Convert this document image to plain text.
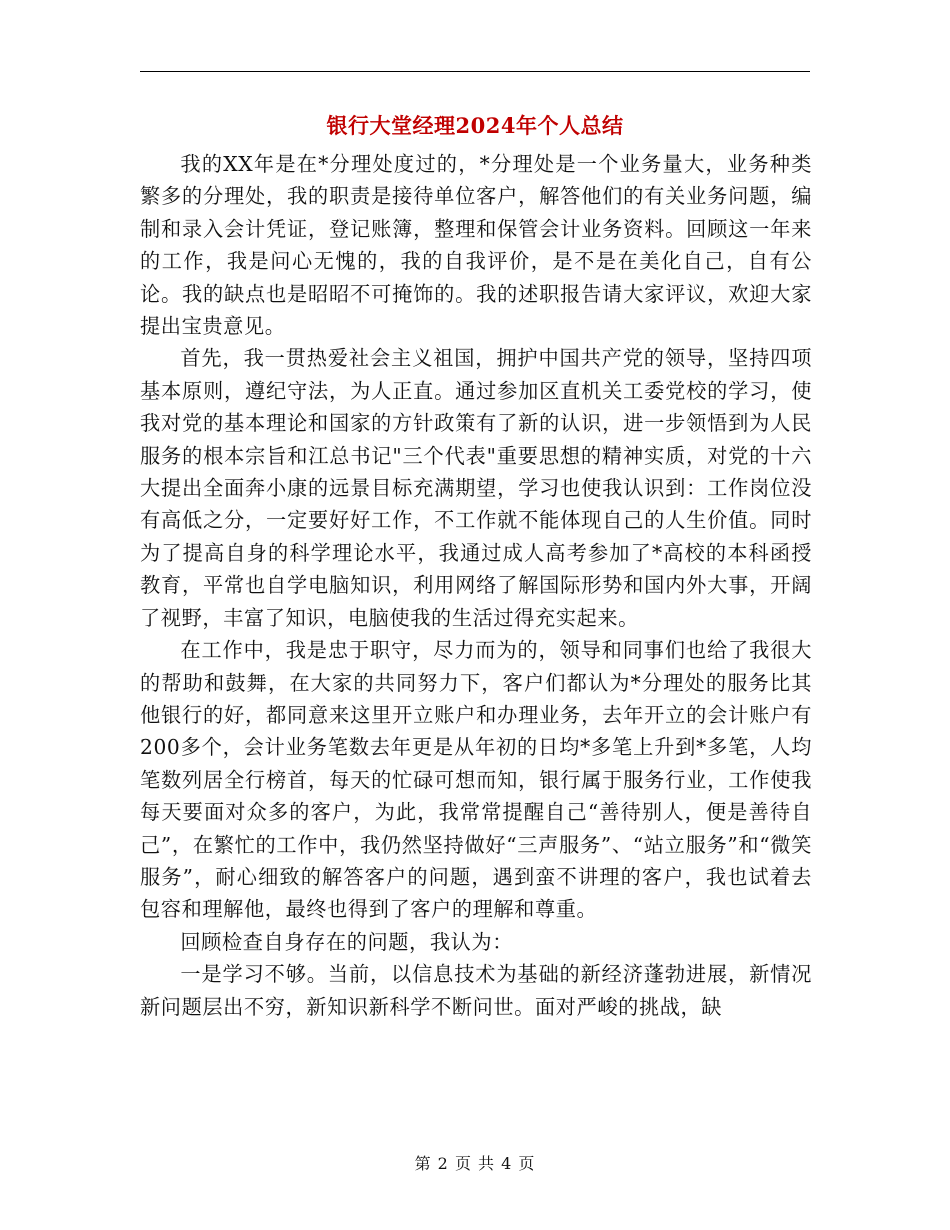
银行大堂经理2024年个人总结

我的XX年是在*分理处度过的，*分理处是一个业务量大，业务种类繁多的分理处，我的职责是接待单位客户，解答他们的有关业务问题，编制和录入会计凭证，登记账簿，整理和保管会计业务资料。回顾这一年来的工作，我是问心无愧的，我的自我评价，是不是在美化自己，自有公论。我的缺点也是昭昭不可掩饰的。我的述职报告请大家评议，欢迎大家提出宝贵意见。

首先，我一贯热爱社会主义祖国，拥护中国共产党的领导，坚持四项基本原则，遵纪守法，为人正直。通过参加区直机关工委党校的学习，使我对党的基本理论和国家的方针政策有了新的认识，进一步领悟到为人民服务的根本宗旨和江总书记"三个代表"重要思想的精神实质，对党的十六大提出全面奔小康的远景目标充满期望，学习也使我认识到：工作岗位没有高低之分，一定要好好工作，不工作就不能体现自己的人生价值。同时为了提高自身的科学理论水平，我通过成人高考参加了*高校的本科函授教育，平常也自学电脑知识，利用网络了解国际形势和国内外大事，开阔了视野，丰富了知识，电脑使我的生活过得充实起来。

在工作中，我是忠于职守，尽力而为的，领导和同事们也给了我很大的帮助和鼓舞，在大家的共同努力下，客户们都认为*分理处的服务比其他银行的好，都同意来这里开立账户和办理业务，去年开立的会计账户有200多个，会计业务笔数去年更是从年初的日均*多笔上升到*多笔，人均笔数列居全行榜首，每天的忙碌可想而知，银行属于服务行业，工作使我每天要面对众多的客户，为此，我常常提醒自己“善待别人，便是善待自己”，在繁忙的工作中，我仍然坚持做好“三声服务”、“站立服务”和“微笑服务”，耐心细致的解答客户的问题，遇到蛮不讲理的客户，我也试着去包容和理解他，最终也得到了客户的理解和尊重。

回顾检查自身存在的问题，我认为：

一是学习不够。当前，以信息技术为基础的新经济蓬勃进展，新情况新问题层出不穷，新知识新科学不断问世。面对严峻的挑战，缺

第 2 页 共 4 页
